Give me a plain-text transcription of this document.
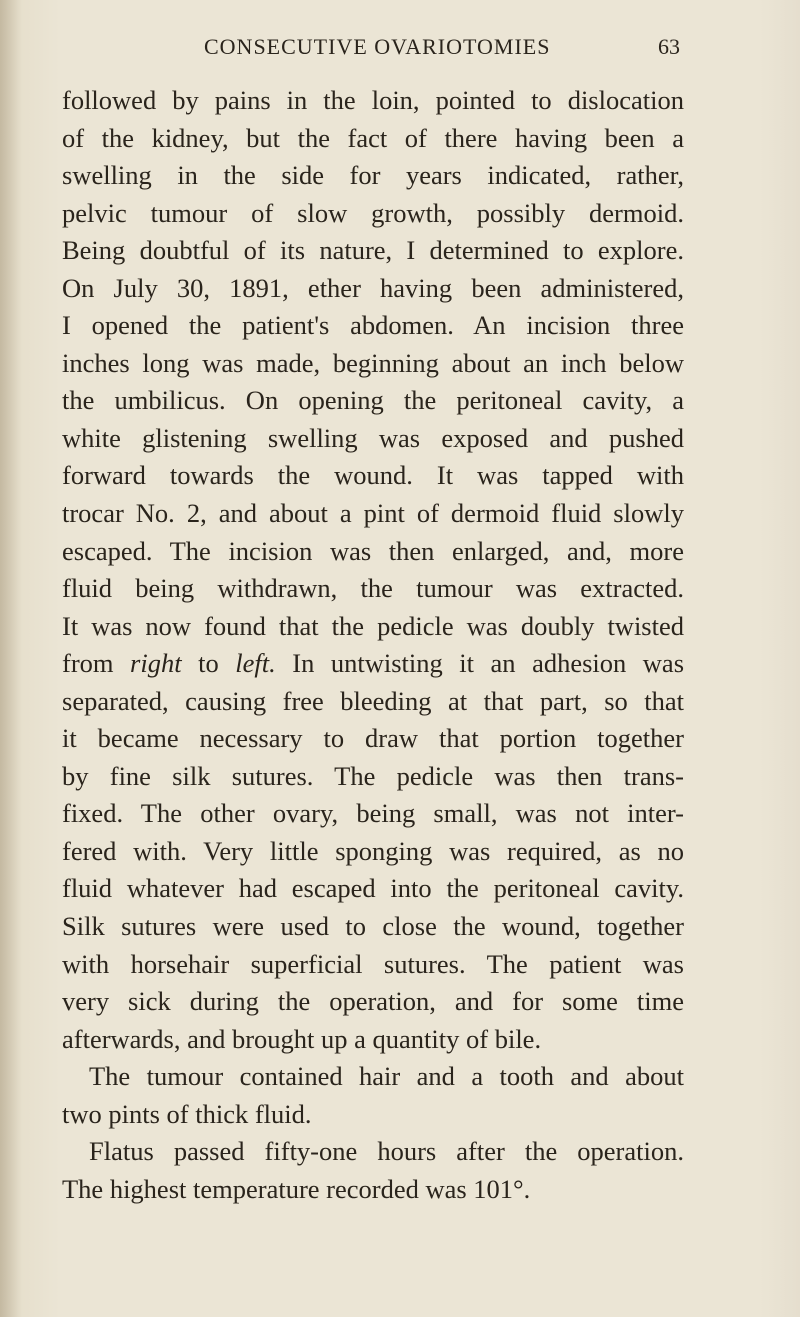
CONSECUTIVE OVARIOTOMIES	63
followed by pains in the loin, pointed to dislocation
of the kidney, but the fact of there having been a
swelling in the side for years indicated, rather,
pelvic tumour of slow growth, possibly dermoid.
Being doubtful of its nature, I determined to explore.
On July 30, 1891, ether having been administered,
I opened the patient's abdomen. An incision three
inches long was made, beginning about an inch below
the umbilicus. On opening the peritoneal cavity, a
white glistening swelling was exposed and pushed
forward towards the wound. It was tapped with
trocar No. 2, and about a pint of dermoid fluid slowly
escaped. The incision was then enlarged, and, more
fluid being withdrawn, the tumour was extracted.
It was now found that the pedicle was doubly twisted
from right to left. In untwisting it an adhesion was
separated, causing free bleeding at that part, so that
it became necessary to draw that portion together
by fine silk sutures. The pedicle was then trans-
fixed. The other ovary, being small, was not inter-
fered with. Very little sponging was required, as no
fluid whatever had escaped into the peritoneal cavity.
Silk sutures were used to close the wound, together
with horsehair superficial sutures. The patient was
very sick during the operation, and for some time
afterwards, and brought up a quantity of bile.
The tumour contained hair and a tooth and about
two pints of thick fluid.
Flatus passed fifty-one hours after the operation.
The highest temperature recorded was 101°.
